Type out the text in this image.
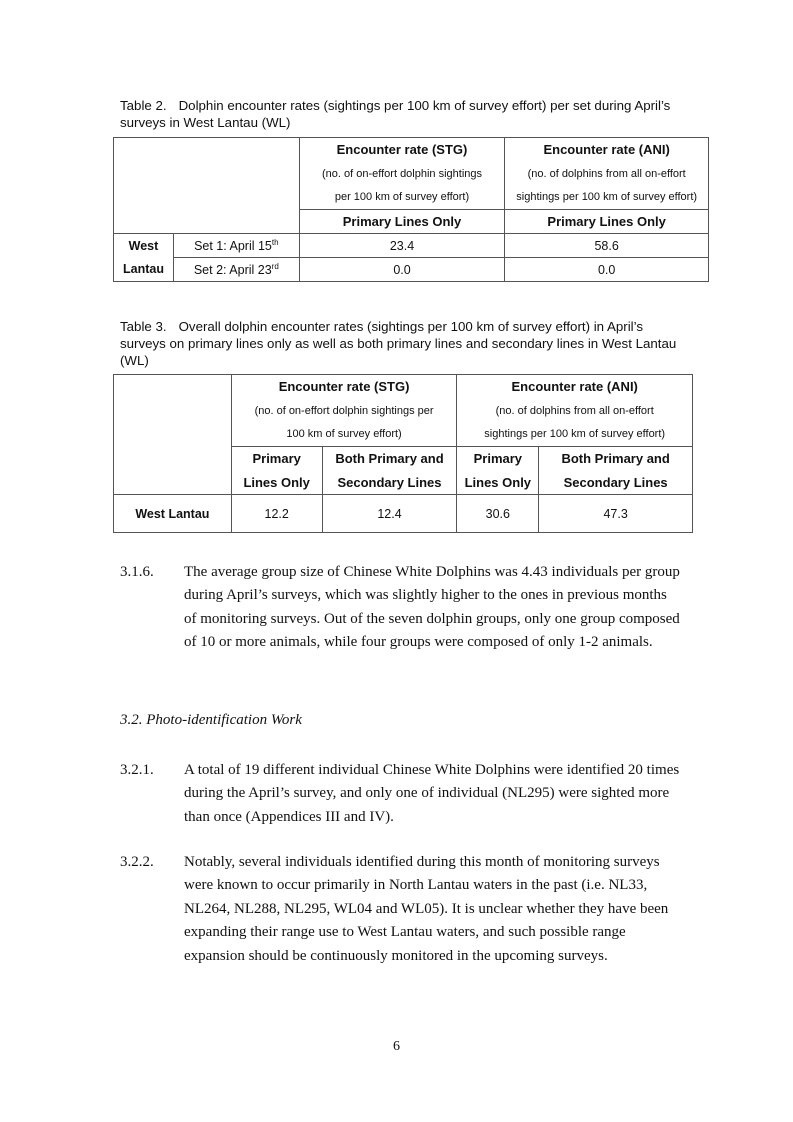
Table 2. Dolphin encounter rates (sightings per 100 km of survey effort) per set during April’s surveys in West Lantau (WL)
		Encounter rate (STG)	Encounter rate (ANI)
		(no. of on-effort dolphin sightings	(no. of dolphins from all on-effort
		per 100 km of survey effort)	sightings per 100 km of survey effort)
		Primary Lines Only	Primary Lines Only
West	Set 1: April 15th	23.4	58.6
Lantau	Set 2: April 23rd	0.0	0.0
Table 3. Overall dolphin encounter rates (sightings per 100 km of survey effort) in April’s surveys on primary lines only as well as both primary lines and secondary lines in West Lantau (WL)
	Encounter rate (STG)		Encounter rate (ANI)	
	(no. of on-effort dolphin sightings per		(no. of dolphins from all on-effort	
	100 km of survey effort)		sightings per 100 km of survey effort)	
	Primary	Both Primary and	Primary	Both Primary and
	Lines Only	Secondary Lines	Lines Only	Secondary Lines
West Lantau	12.2	12.4	30.6	47.3
3.1.6. The average group size of Chinese White Dolphins was 4.43 individuals per group during April’s surveys, which was slightly higher to the ones in previous months of monitoring surveys. Out of the seven dolphin groups, only one group composed of 10 or more animals, while four groups were composed of only 1-2 animals.
3.2. Photo-identification Work
3.2.1. A total of 19 different individual Chinese White Dolphins were identified 20 times during the April’s survey, and only one of individual (NL295) were sighted more than once (Appendices III and IV).
3.2.2. Notably, several individuals identified during this month of monitoring surveys were known to occur primarily in North Lantau waters in the past (i.e. NL33, NL264, NL288, NL295, WL04 and WL05). It is unclear whether they have been expanding their range use to West Lantau waters, and such possible range expansion should be continuously monitored in the upcoming surveys.
6
